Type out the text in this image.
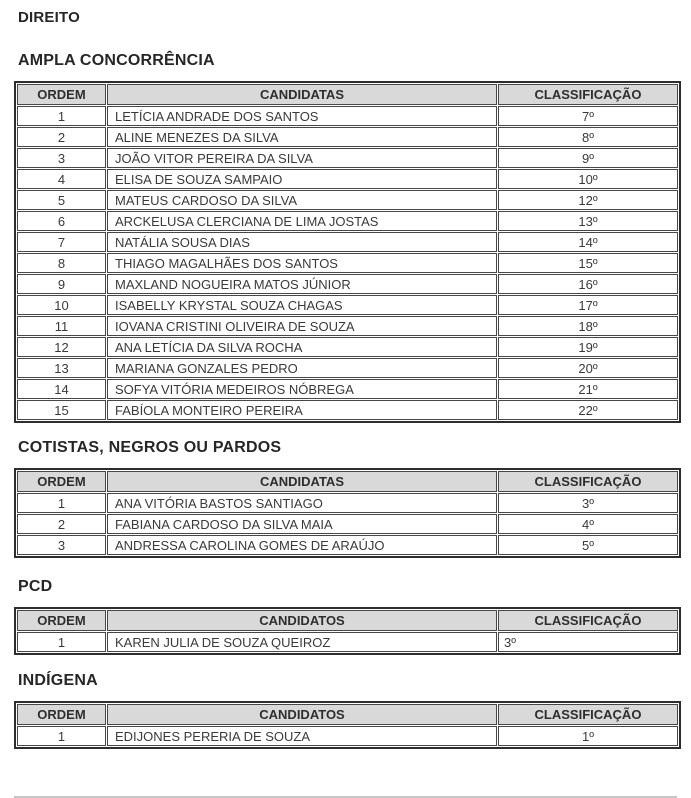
DIREITO
AMPLA CONCORRÊNCIA
ORDEM	CANDIDATAS	CLASSIFICAÇÃO
1	LETÍCIA ANDRADE DOS SANTOS	7º
2	ALINE MENEZES DA SILVA	8º
3	JOÃO VITOR PEREIRA DA SILVA	9º
4	ELISA DE SOUZA SAMPAIO	10º
5	MATEUS CARDOSO DA SILVA	12º
6	ARCKELUSA CLERCIANA DE LIMA JOSTAS	13º
7	NATÁLIA SOUSA DIAS	14º
8	THIAGO MAGALHÃES DOS SANTOS	15º
9	MAXLAND NOGUEIRA MATOS JÚNIOR	16º
10	ISABELLY KRYSTAL SOUZA CHAGAS	17º
11	IOVANA CRISTINI OLIVEIRA DE SOUZA	18º
12	ANA LETÍCIA DA SILVA ROCHA	19º
13	MARIANA GONZALES PEDRO	20º
14	SOFYA VITÓRIA MEDEIROS NÓBREGA	21º
15	FABÍOLA MONTEIRO PEREIRA	22º
COTISTAS, NEGROS OU PARDOS
ORDEM	CANDIDATAS	CLASSIFICAÇÃO
1	ANA VITÓRIA BASTOS SANTIAGO	3º
2	FABIANA CARDOSO DA SILVA MAIA	4º
3	ANDRESSA CAROLINA GOMES DE ARAÚJO	5º
PCD
ORDEM	CANDIDATOS	CLASSIFICAÇÃO
1	KAREN JULIA DE SOUZA QUEIROZ	3º
INDÍGENA
ORDEM	CANDIDATOS	CLASSIFICAÇÃO
1	EDIJONES PERERIA DE SOUZA	1º
